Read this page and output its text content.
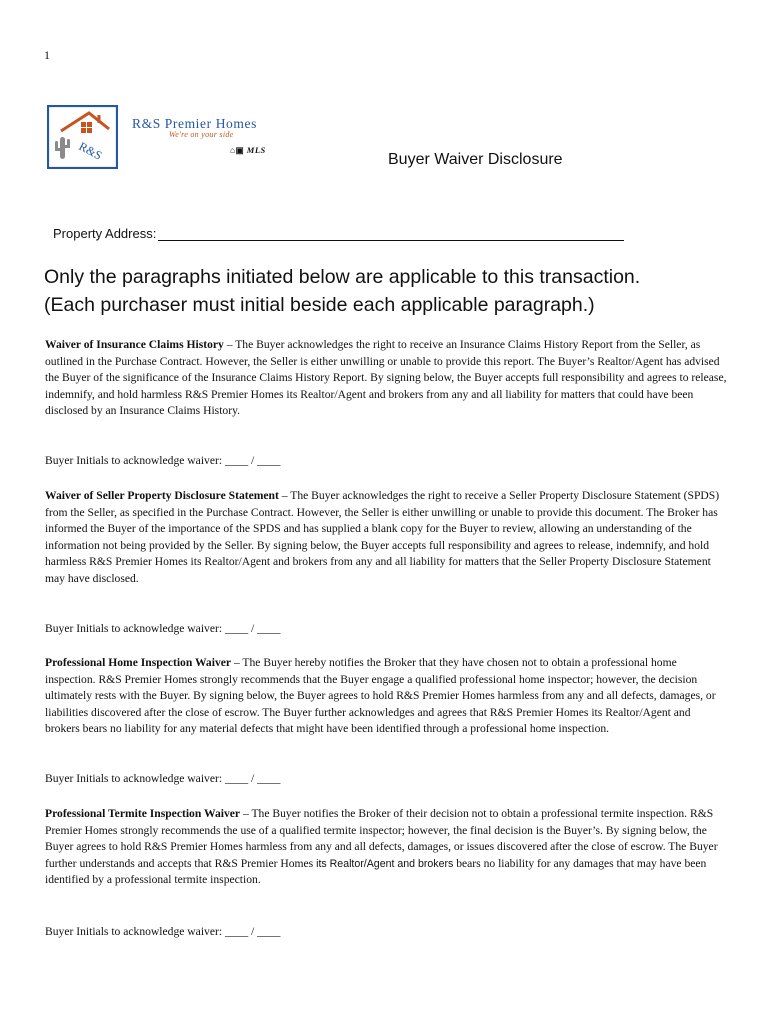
1
R&S
R&S Premier Homes
We're on your side
⌂▣ MLS
Buyer Waiver Disclosure
Property Address:
Only the paragraphs initiated below are applicable to this transaction.
(Each purchaser must initial beside each applicable paragraph.)

Waiver of Insurance Claims History – The Buyer acknowledges the right to receive an Insurance Claims History Report from the Seller, as outlined in the Purchase Contract. However, the Seller is either unwilling or unable to provide this report. The Buyer’s Realtor/Agent has advised the Buyer of the significance of the Insurance Claims History Report. By signing below, the Buyer accepts full responsibility and agrees to release, indemnify, and hold harmless R&S Premier Homes its Realtor/Agent and brokers from any and all liability for matters that could have been disclosed by an Insurance Claims History.

Buyer Initials to acknowledge waiver: ____ / ____

Waiver of Seller Property Disclosure Statement – The Buyer acknowledges the right to receive a Seller Property Disclosure Statement (SPDS) from the Seller, as specified in the Purchase Contract. However, the Seller is either unwilling or unable to provide this document. The Broker has informed the Buyer of the importance of the SPDS and has supplied a blank copy for the Buyer to review, allowing an understanding of the information not being provided by the Seller. By signing below, the Buyer accepts full responsibility and agrees to release, indemnify, and hold harmless R&S Premier Homes its Realtor/Agent and brokers from any and all liability for matters that the Seller Property Disclosure Statement may have disclosed.

Buyer Initials to acknowledge waiver: ____ / ____

Professional Home Inspection Waiver – The Buyer hereby notifies the Broker that they have chosen not to obtain a professional home inspection. R&S Premier Homes strongly recommends that the Buyer engage a qualified professional home inspector; however, the decision ultimately rests with the Buyer. By signing below, the Buyer agrees to hold R&S Premier Homes harmless from any and all defects, damages, or liabilities discovered after the close of escrow. The Buyer further acknowledges and agrees that R&S Premier Homes its Realtor/Agent and brokers bears no liability for any material defects that might have been identified through a professional home inspection.

Buyer Initials to acknowledge waiver: ____ / ____

Professional Termite Inspection Waiver – The Buyer notifies the Broker of their decision not to obtain a professional termite inspection. R&S Premier Homes strongly recommends the use of a qualified termite inspector; however, the final decision is the Buyer’s. By signing below, the Buyer agrees to hold R&S Premier Homes harmless from any and all defects, damages, or issues discovered after the close of escrow. The Buyer further understands and accepts that R&S Premier Homes its Realtor/Agent and brokers bears no liability for any damages that may have been identified by a professional termite inspection.

Buyer Initials to acknowledge waiver: ____ / ____
